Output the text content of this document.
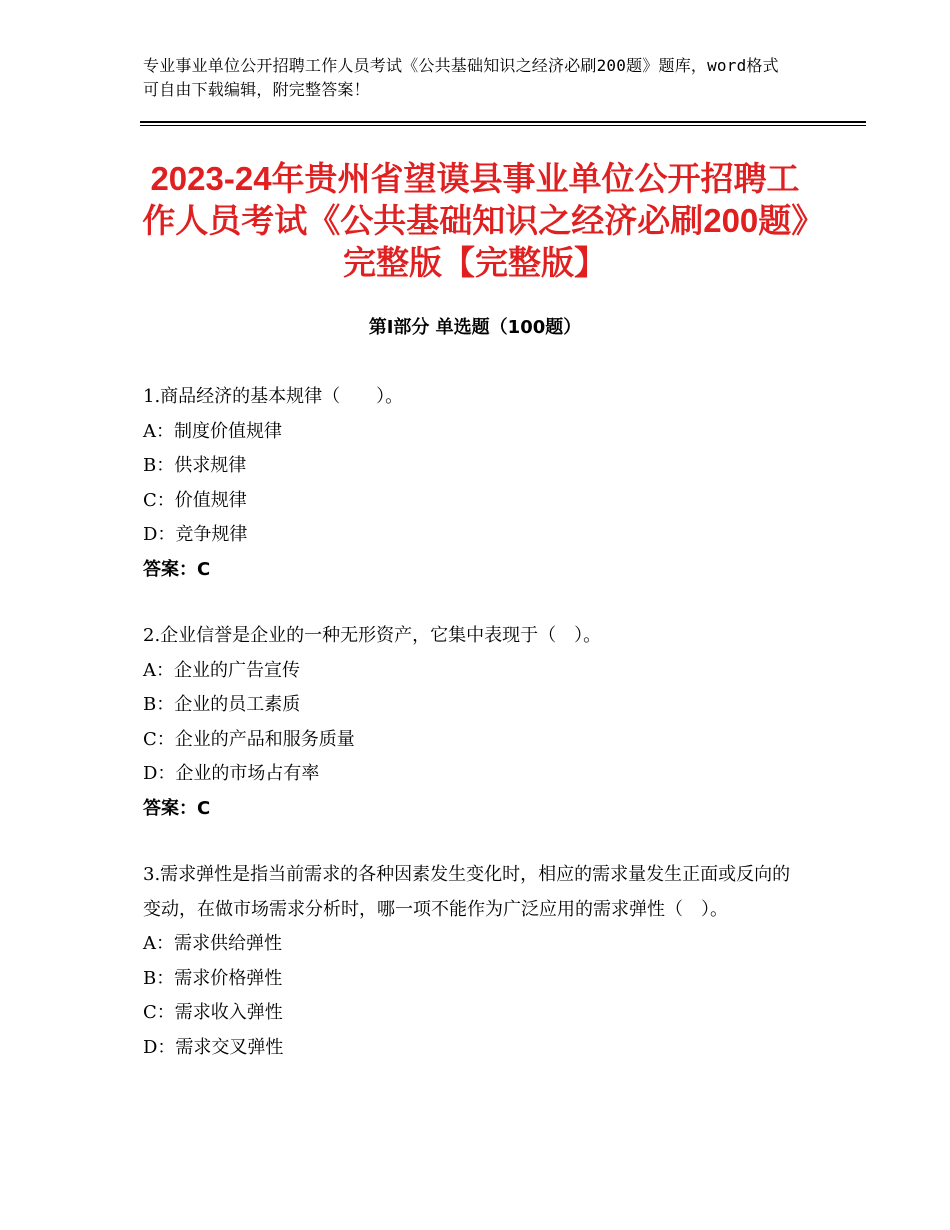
专业事业单位公开招聘工作人员考试《公共基础知识之经济必刷200题》题库，word格式可自由下载编辑，附完整答案！
2023-24年贵州省望谟县事业单位公开招聘工作人员考试《公共基础知识之经济必刷200题》完整版【完整版】
第Ⅰ部分 单选题（100题）
1.商品经济的基本规律（　　）。
A：制度价值规律
B：供求规律
C：价值规律
D：竞争规律
答案：C
2.企业信誉是企业的一种无形资产，它集中表现于（　）。
A：企业的广告宣传
B：企业的员工素质
C：企业的产品和服务质量
D：企业的市场占有率
答案：C
3.需求弹性是指当前需求的各种因素发生变化时，相应的需求量发生正面或反向的变动，在做市场需求分析时，哪一项不能作为广泛应用的需求弹性（　）。
A：需求供给弹性
B：需求价格弹性
C：需求收入弹性
D：需求交叉弹性
